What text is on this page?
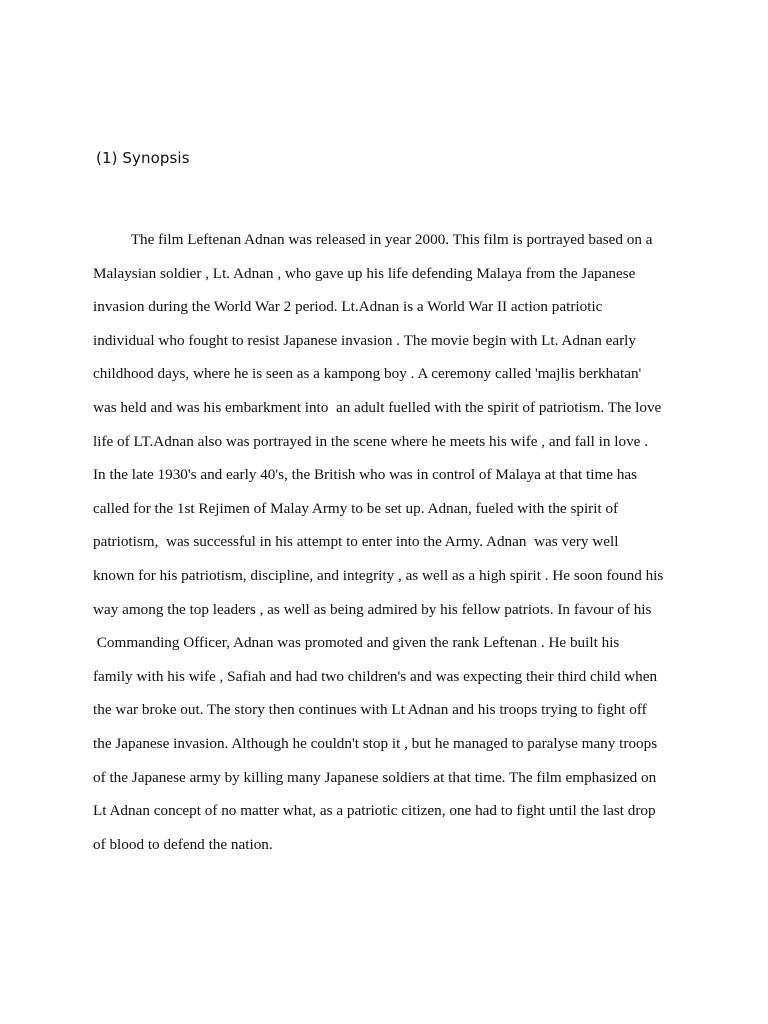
(1) Synopsis
The film Leftenan Adnan was released in year 2000. This film is portrayed based on a
Malaysian soldier , Lt. Adnan , who gave up his life defending Malaya from the Japanese
invasion during the World War 2 period. Lt.Adnan is a World War II action patriotic
individual who fought to resist Japanese invasion . The movie begin with Lt. Adnan early
childhood days, where he is seen as a kampong boy . A ceremony called 'majlis berkhatan'
was held and was his embarkment into  an adult fuelled with the spirit of patriotism. The love
life of LT.Adnan also was portrayed in the scene where he meets his wife , and fall in love .
In the late 1930's and early 40's, the British who was in control of Malaya at that time has
called for the 1st Rejimen of Malay Army to be set up. Adnan, fueled with the spirit of
patriotism,  was successful in his attempt to enter into the Army. Adnan  was very well
known for his patriotism, discipline, and integrity , as well as a high spirit . He soon found his
way among the top leaders , as well as being admired by his fellow patriots. In favour of his
Commanding Officer, Adnan was promoted and given the rank Leftenan . He built his
family with his wife , Safiah and had two children's and was expecting their third child when
the war broke out. The story then continues with Lt Adnan and his troops trying to fight off
the Japanese invasion. Although he couldn't stop it , but he managed to paralyse many troops
of the Japanese army by killing many Japanese soldiers at that time. The film emphasized on
Lt Adnan concept of no matter what, as a patriotic citizen, one had to fight until the last drop
of blood to defend the nation.
